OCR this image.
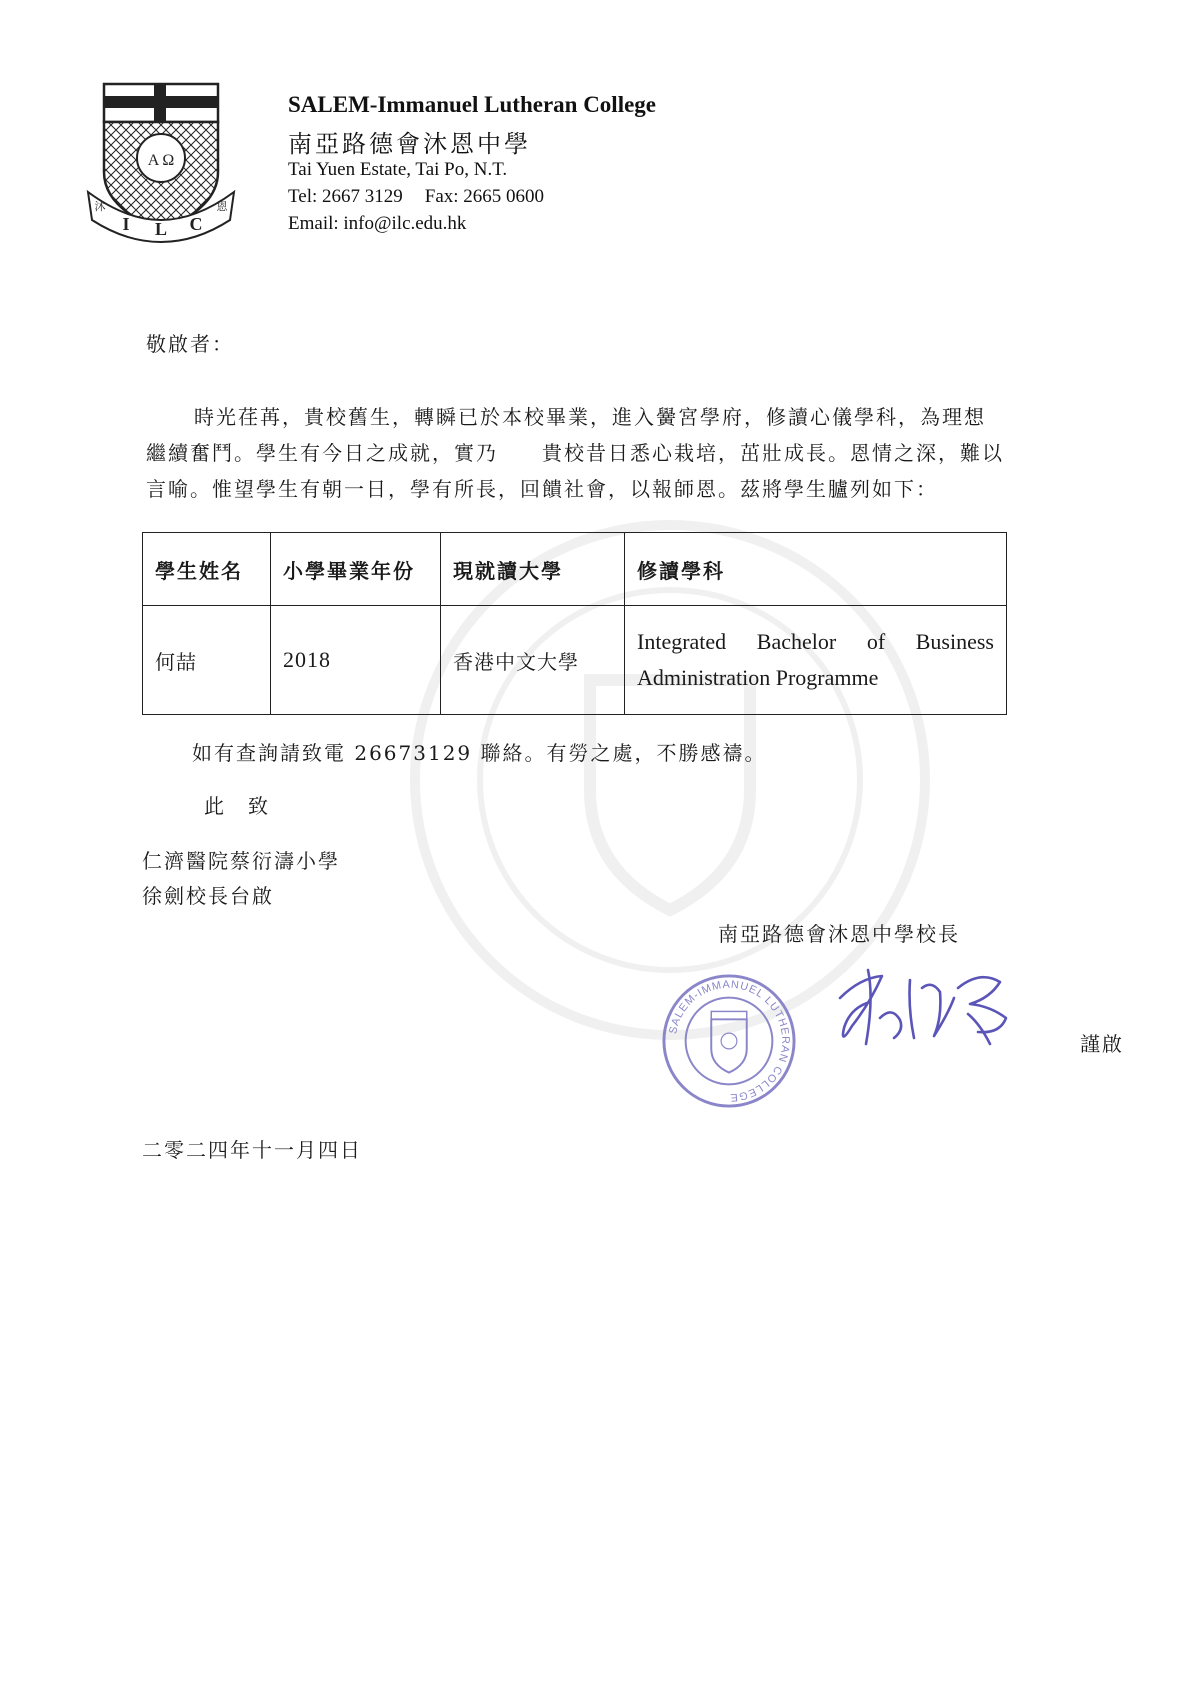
A Ω
I L C
沐	恩
SALEM-Immanuel Lutheran College
南亞路德會沐恩中學
Tai Yuen Estate, Tai Po, N.T.
Tel: 2667 3129 Fax: 2665 0600
Email: info@ilc.edu.hk
敬啟者：
時光荏苒，貴校舊生，轉瞬已於本校畢業，進入黌宮學府，修讀心儀學科，為理想
繼續奮鬥。學生有今日之成就，實乃　　貴校昔日悉心栽培，茁壯成長。恩情之深，難以
言喻。惟望學生有朝一日，學有所長，回饋社會，以報師恩。茲將學生臚列如下：
學生姓名	小學畢業年份	現就讀大學	修讀學科
何喆	2018	香港中文大學	Integrated Bachelor of Business Administration Programme
如有查詢請致電 26673129 聯絡。有勞之處，不勝感禱。
此　致
仁濟醫院蔡衍濤小學
徐劍校長台啟
南亞路德會沐恩中學校長
SALEM-IMMANUEL LUTHERAN COLLEGE
謹啟
二零二四年十一月四日
